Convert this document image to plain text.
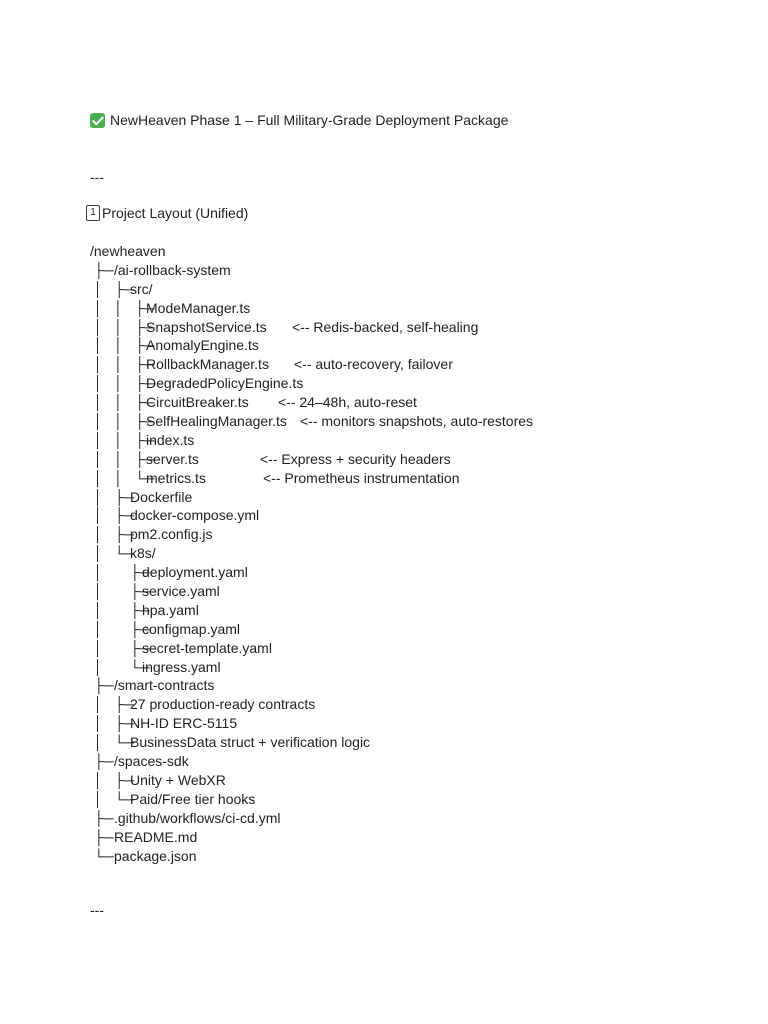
NewHeaven Phase 1 – Full Military-Grade Deployment Package
---
1 Project Layout (Unified)
/newheaven
├─ /ai-rollback-system
│   ├─
src/
│   │   ├─
ModeManager.ts
│   │   ├─
SnapshotService.ts <-- Redis-backed, self-healing
│   │   ├─
AnomalyEngine.ts
│   │   ├─
RollbackManager.ts <-- auto-recovery, failover
│   │   ├─
DegradedPolicyEngine.ts
│   │   ├─
CircuitBreaker.ts <-- 24–48h, auto-reset
│   │   ├─
SelfHealingManager.ts <-- monitors snapshots, auto-restores
│   │   ├─
index.ts
│   │   ├─
server.ts	<-- Express + security headers
│   │   └─
metrics.ts	<-- Prometheus instrumentation
│   ├─
Dockerfile
│   ├─
docker-compose.yml
│   ├─
pm2.config.js
│   └─
k8s/
│       ├─
deployment.yaml
│       ├─
service.yaml
│       ├─
hpa.yaml
│       ├─
configmap.yaml
│       ├─
secret-template.yaml
│       └─
ingress.yaml
├─ /smart-contracts
│   ├─
27 production-ready contracts
│   ├─
NH-ID ERC-5115
│   └─
BusinessData struct + verification logic
├─ /spaces-sdk
│   ├─
Unity + WebXR
│   └─
Paid/Free tier hooks
├─ .github/workflows/ci-cd.yml
├─ README.md
└─ package.json
---
